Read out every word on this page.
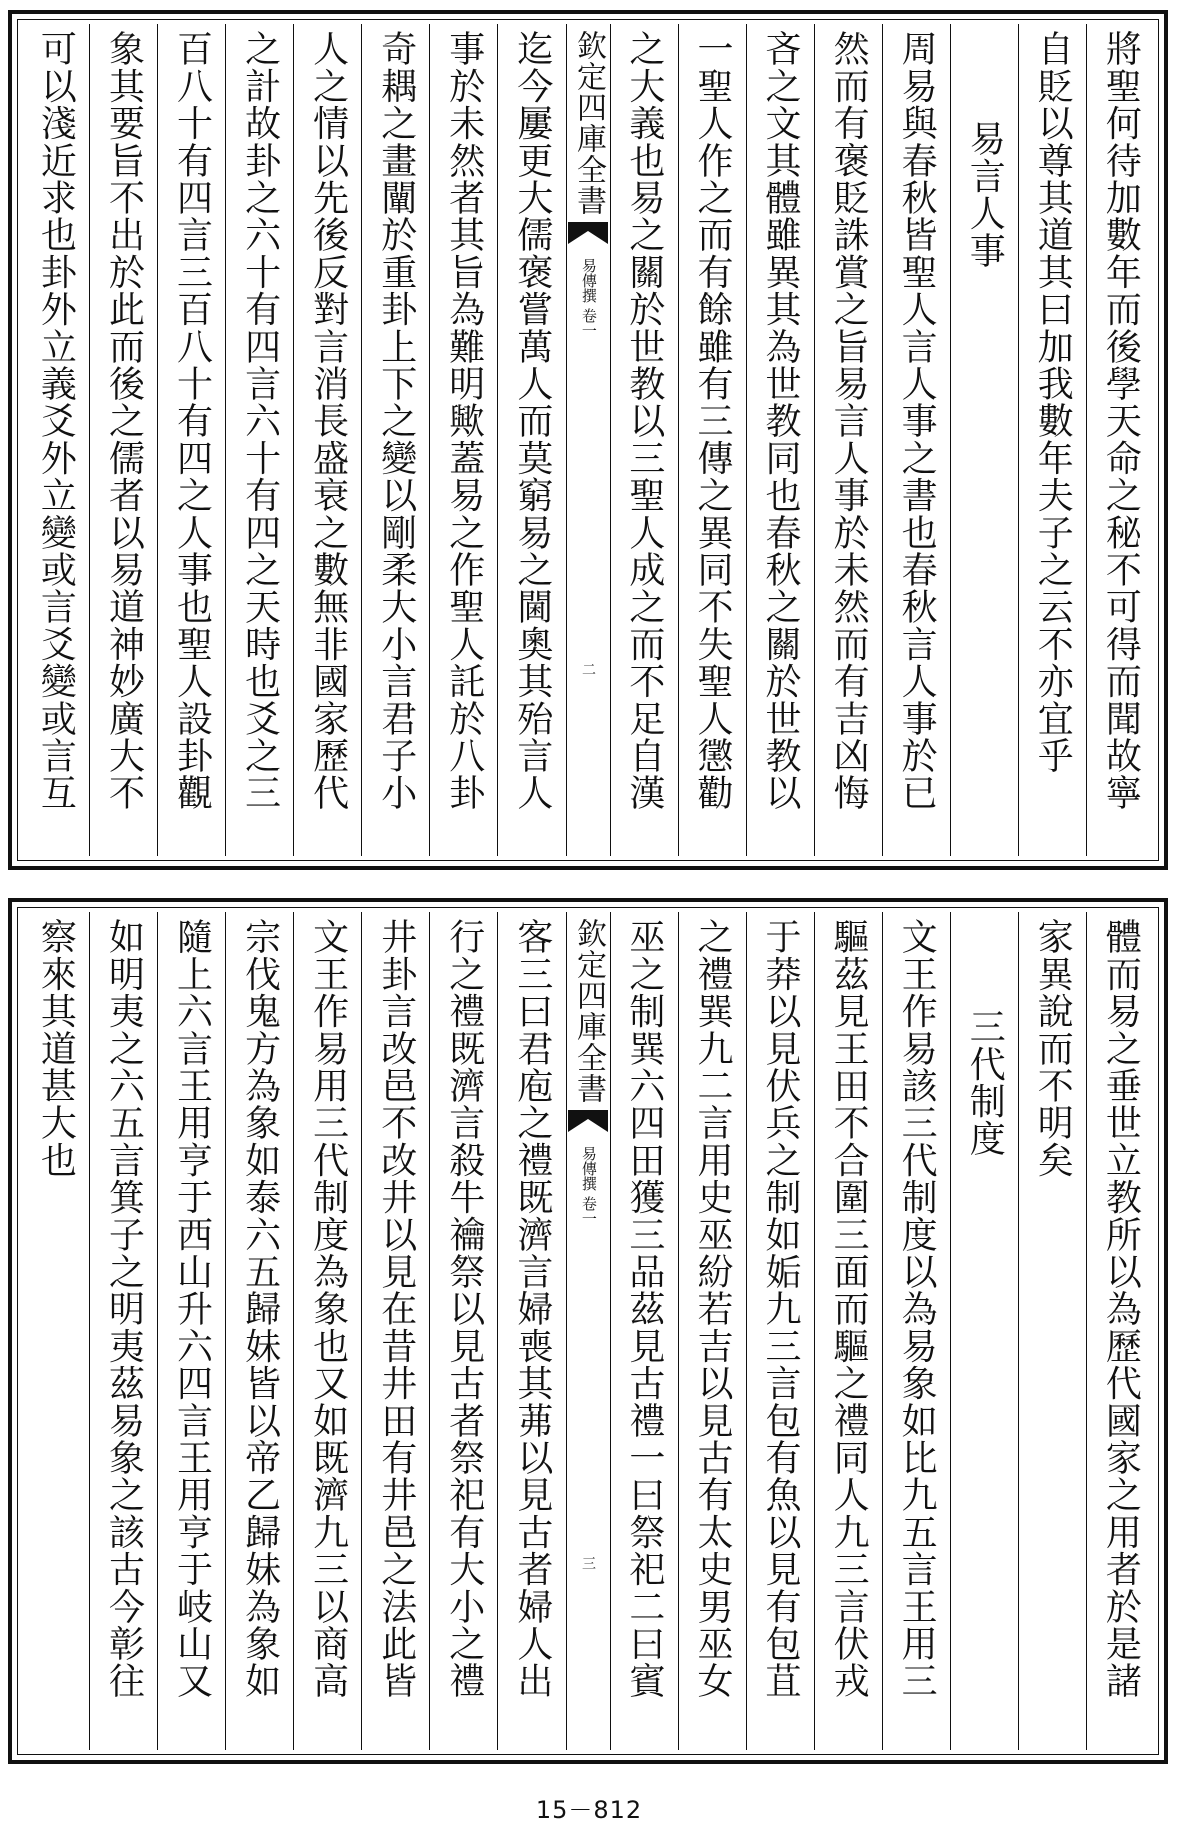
將聖何待加數年而後學天命之秘不可得而聞故寧
自貶以尊其道其曰加我數年夫子之云不亦宜乎
易言人事
周易與春秋皆聖人言人事之書也春秋言人事於已
然而有褒貶誅賞之旨易言人事於未然而有吉凶悔
吝之文其體雖異其為世教同也春秋之關於世教以
一聖人作之而有餘雖有三傳之異同不失聖人懲勸
之大義也易之關於世教以三聖人成之而不足自漢
欽定四庫全書
易傳撰 卷一
二
迄今屢更大儒褒嘗萬人而莫窮易之閫奧其殆言人
事於未然者其旨為難明歟蓋易之作聖人託於八卦
奇耦之畫闡於重卦上下之變以剛柔大小言君子小
人之情以先後反對言消長盛衰之數無非國家歷代
之計故卦之六十有四言六十有四之天時也爻之三
百八十有四言三百八十有四之人事也聖人設卦觀
象其要旨不出於此而後之儒者以易道神妙廣大不
可以淺近求也卦外立義爻外立變或言爻變或言互
體而易之垂世立教所以為歷代國家之用者於是諸
家異說而不明矣
三代制度
文王作易該三代制度以為易象如比九五言王用三
驅茲見王田不合圍三面而驅之禮同人九三言伏戎
于莽以見伏兵之制如姤九三言包有魚以見有包苴
之禮巽九二言用史巫紛若吉以見古有太史男巫女
巫之制巽六四田獲三品茲見古禮一曰祭祀二曰賓
欽定四庫全書
易傳撰 卷一
三
客三曰君庖之禮既濟言婦喪其茀以見古者婦人出
行之禮既濟言殺牛禴祭以見古者祭祀有大小之禮
井卦言改邑不改井以見在昔井田有井邑之法此皆
文王作易用三代制度為象也又如既濟九三以商高
宗伐鬼方為象如泰六五歸妹皆以帝乙歸妹為象如
隨上六言王用亨于西山升六四言王用亨于岐山又
如明夷之六五言箕子之明夷茲易象之該古今彰往
察來其道甚大也
15－812
